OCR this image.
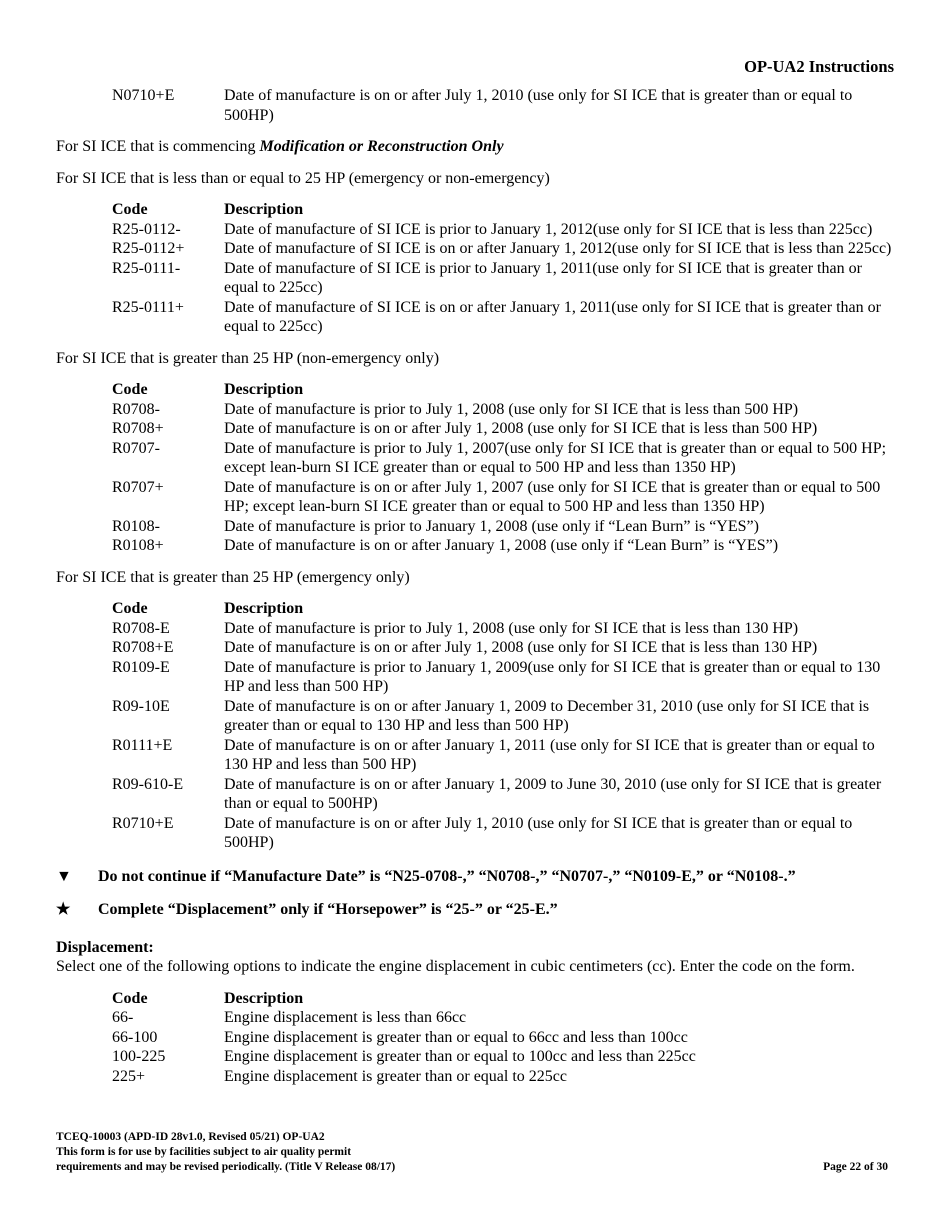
OP-UA2 Instructions
N0710+E	Date of manufacture is on or after July 1, 2010 (use only for SI ICE that is greater than or equal to 500HP)

For SI ICE that is commencing Modification or Reconstruction Only

For SI ICE that is less than or equal to 25 HP (emergency or non-emergency)

Code	Description
R25-0112-	Date of manufacture of SI ICE is prior to January 1, 2012(use only for SI ICE that is less than 225cc)
R25-0112+	Date of manufacture of SI ICE is on or after January 1, 2012(use only for SI ICE that is less than 225cc)
R25-0111-	Date of manufacture of SI ICE is prior to January 1, 2011(use only for SI ICE that is greater than or equal to 225cc)
R25-0111+	Date of manufacture of SI ICE is on or after January 1, 2011(use only for SI ICE that is greater than or equal to 225cc)

For SI ICE that is greater than 25 HP (non-emergency only)

Code	Description
R0708-	Date of manufacture is prior to July 1, 2008 (use only for SI ICE that is less than 500 HP)
R0708+	Date of manufacture is on or after July 1, 2008 (use only for SI ICE that is less than 500 HP)
R0707-	Date of manufacture is prior to July 1, 2007(use only for SI ICE that is greater than or equal to 500 HP; except lean-burn SI ICE greater than or equal to 500 HP and less than 1350 HP)
R0707+	Date of manufacture is on or after July 1, 2007 (use only for SI ICE that is greater than or equal to 500 HP; except lean-burn SI ICE greater than or equal to 500 HP and less than 1350 HP)
R0108-	Date of manufacture is prior to January 1, 2008 (use only if “Lean Burn” is “YES”)
R0108+	Date of manufacture is on or after January 1, 2008 (use only if “Lean Burn” is “YES”)

For SI ICE that is greater than 25 HP (emergency only)

Code	Description
R0708-E	Date of manufacture is prior to July 1, 2008 (use only for SI ICE that is less than 130 HP)
R0708+E	Date of manufacture is on or after July 1, 2008 (use only for SI ICE that is less than 130 HP)
R0109-E	Date of manufacture is prior to January 1, 2009(use only for SI ICE that is greater than or equal to 130 HP and less than 500 HP)
R09-10E	Date of manufacture is on or after January 1, 2009 to December 31, 2010 (use only for SI ICE that is greater than or equal to 130 HP and less than 500 HP)
R0111+E	Date of manufacture is on or after January 1, 2011 (use only for SI ICE that is greater than or equal to 130 HP and less than 500 HP)
R09-610-E	Date of manufacture is on or after January 1, 2009 to June 30, 2010 (use only for SI ICE that is greater than or equal to 500HP)
R0710+E	Date of manufacture is on or after July 1, 2010 (use only for SI ICE that is greater than or equal to 500HP)
▼	Do not continue if “Manufacture Date” is “N25-0708-,” “N0708-,” “N0707-,” “N0109-E,” or “N0108-.”
★	Complete “Displacement” only if “Horsepower” is “25-” or “25-E.”

Displacement:

Select one of the following options to indicate the engine displacement in cubic centimeters (cc). Enter the code on the form.

Code	Description
66-	Engine displacement is less than 66cc
66-100	Engine displacement is greater than or equal to 66cc and less than 100cc
100-225	Engine displacement is greater than or equal to 100cc and less than 225cc
225+	Engine displacement is greater than or equal to 225cc
TCEQ-10003 (APD-ID 28v1.0, Revised 05/21) OP-UA2
This form is for use by facilities subject to air quality permit
requirements and may be revised periodically. (Title V Release 08/17)	Page 22 of 30
